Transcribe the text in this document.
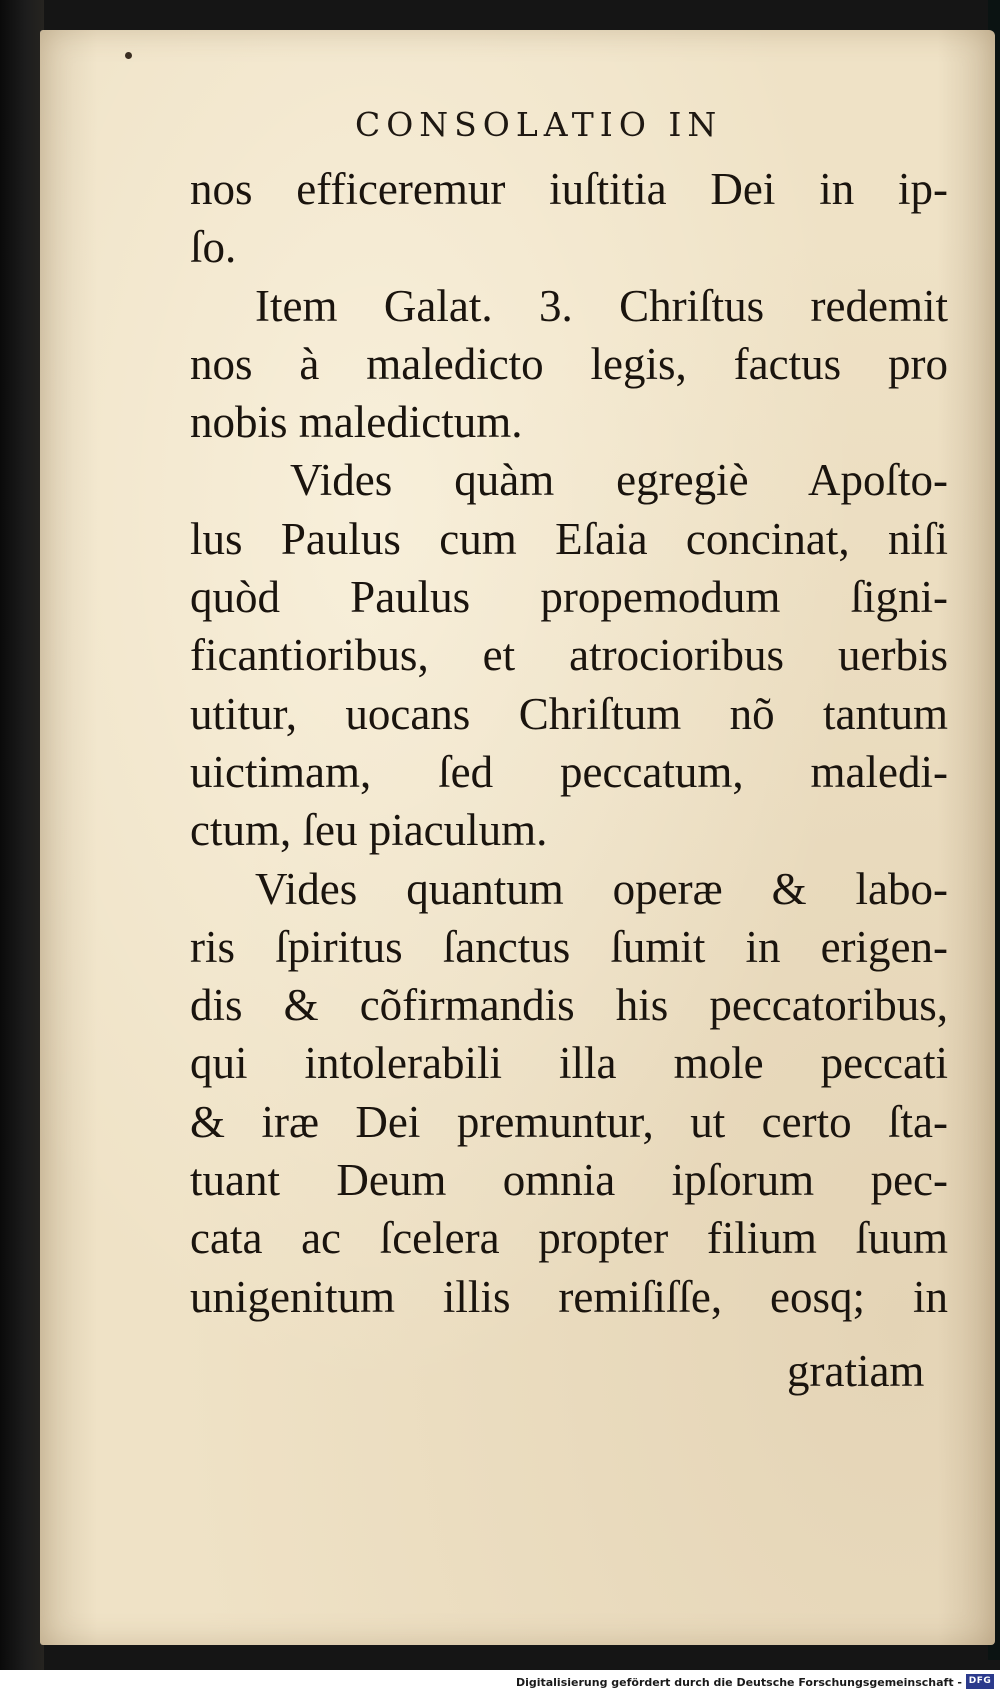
CONSOLATIO IN
nos efficeremur iuſtitia Dei in ip-
ſo.
Item Galat. 3. Chriſtus redemit
nos à maledicto legis, factus pro
nobis maledictum.
Vides quàm egregiè Apoſto-
lus Paulus cum Eſaia concinat, niſi
quòd Paulus propemodum ſigni-
ficantioribus, et atrocioribus uerbis
utitur, uocans Chriſtum nõ tantum
uictimam, ſed peccatum, maledi-
ctum, ſeu piaculum.
Vides quantum operæ & labo-
ris ſpiritus ſanctus ſumit in erigen-
dis & cõfirmandis his peccatoribus,
qui intolerabili illa mole peccati
& iræ Dei premuntur, ut certo ſta-
tuant Deum omnia ipſorum pec-
cata ac ſcelera propter filium ſuum
unigenitum illis remiſiſſe, eosq; in
gratiam
Digitalisierung gefördert durch die Deutsche Forschungsgemeinschaft - DFG
